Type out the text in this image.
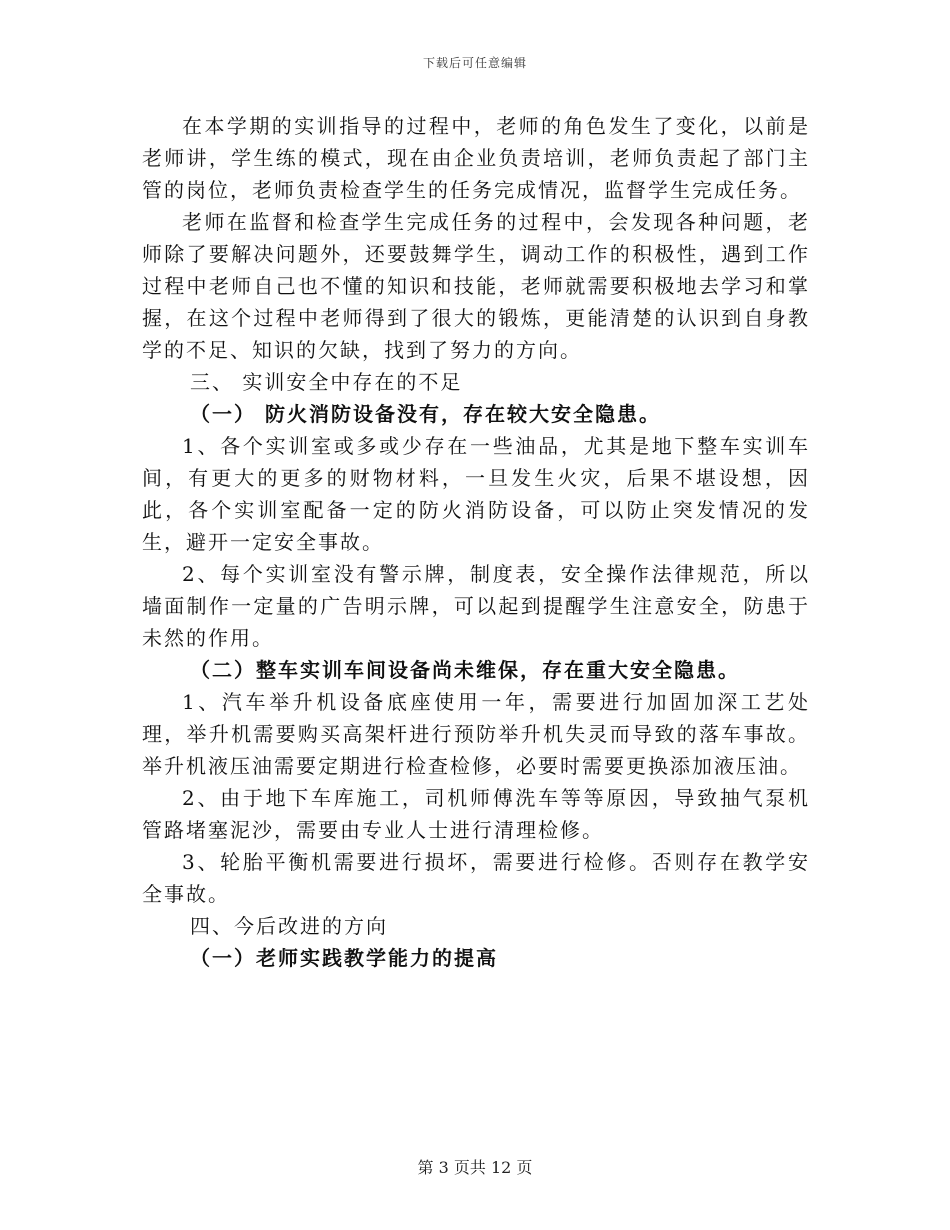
下载后可任意编辑

在本学期的实训指导的过程中，老师的角色发生了变化，以前是老师讲，学生练的模式，现在由企业负责培训，老师负责起了部门主管的岗位，老师负责检查学生的任务完成情况，监督学生完成任务。

老师在监督和检查学生完成任务的过程中，会发现各种问题，老师除了要解决问题外，还要鼓舞学生，调动工作的积极性，遇到工作过程中老师自己也不懂的知识和技能，老师就需要积极地去学习和掌握，在这个过程中老师得到了很大的锻炼，更能清楚的认识到自身教学的不足、知识的欠缺，找到了努力的方向。

三、 实训安全中存在的不足

（一） 防火消防设备没有，存在较大安全隐患。

1、各个实训室或多或少存在一些油品，尤其是地下整车实训车间，有更大的更多的财物材料，一旦发生火灾，后果不堪设想，因此，各个实训室配备一定的防火消防设备，可以防止突发情况的发生，避开一定安全事故。

2、每个实训室没有警示牌，制度表，安全操作法律规范，所以墙面制作一定量的广告明示牌，可以起到提醒学生注意安全，防患于未然的作用。

（二）整车实训车间设备尚未维保，存在重大安全隐患。

1、汽车举升机设备底座使用一年，需要进行加固加深工艺处理，举升机需要购买高架杆进行预防举升机失灵而导致的落车事故。举升机液压油需要定期进行检查检修，必要时需要更换添加液压油。

2、由于地下车库施工，司机师傅洗车等等原因，导致抽气泵机管路堵塞泥沙，需要由专业人士进行清理检修。

3、轮胎平衡机需要进行损坏，需要进行检修。否则存在教学安全事故。

四、今后改进的方向

（一）老师实践教学能力的提高

第 3 页共 12 页
